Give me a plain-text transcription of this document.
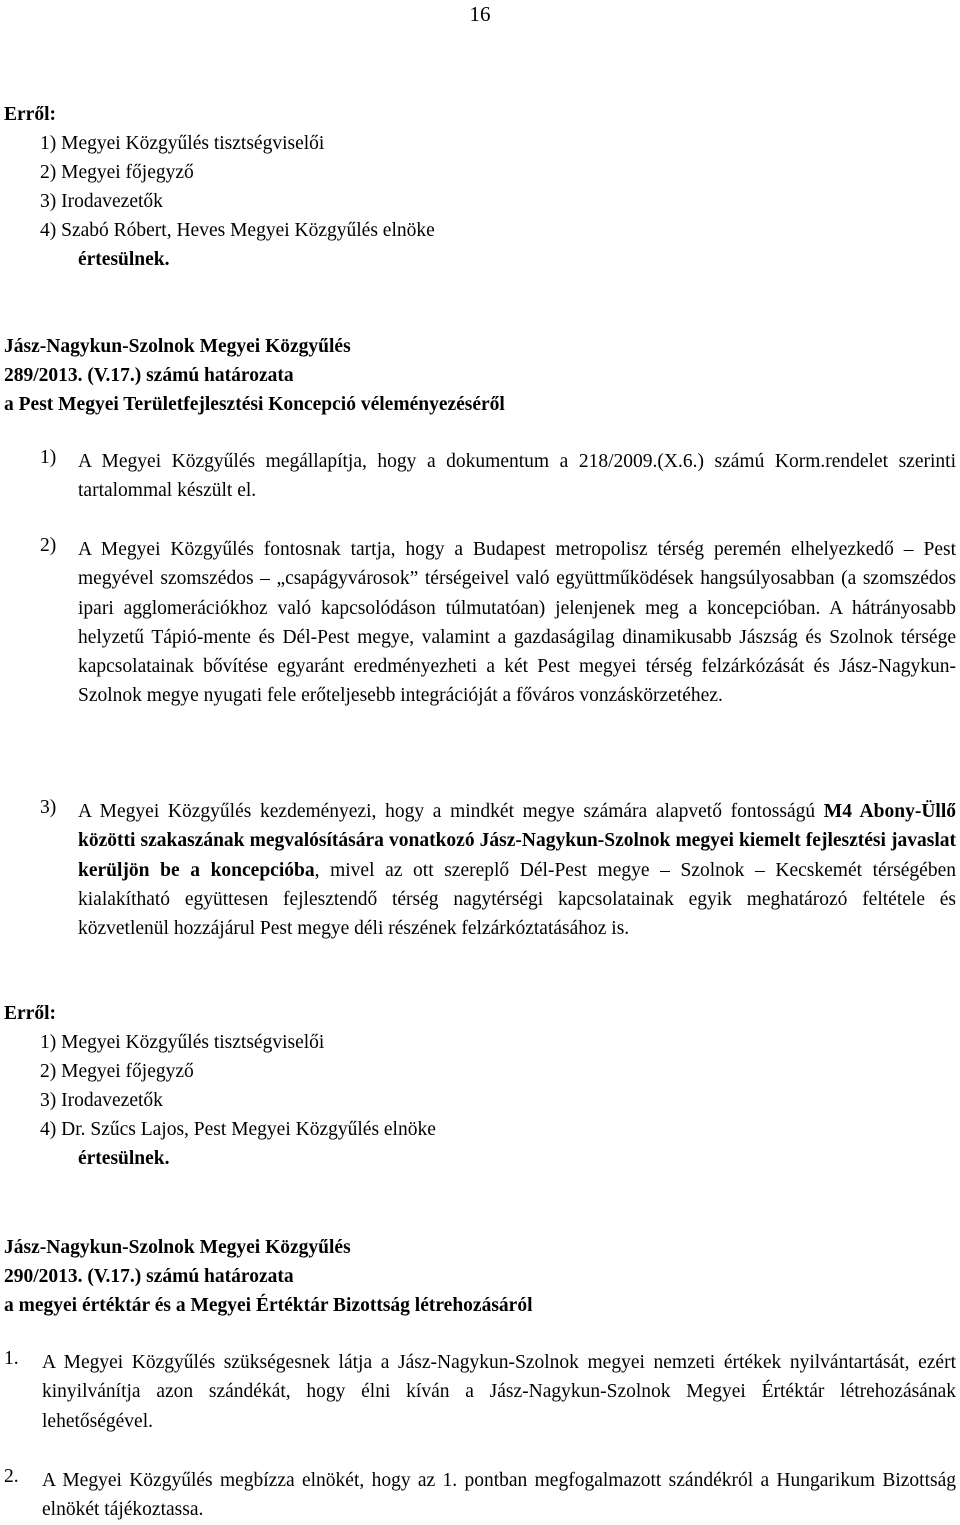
16
Erről:
1) Megyei Közgyűlés tisztségviselői
2) Megyei főjegyző
3) Irodavezetők
4) Szabó Róbert, Heves Megyei Közgyűlés elnöke
értesülnek.
Jász-Nagykun-Szolnok Megyei Közgyűlés
289/2013. (V.17.) számú határozata
a Pest Megyei Területfejlesztési Koncepció véleményezéséről
1) A Megyei Közgyűlés megállapítja, hogy a dokumentum a 218/2009.(X.6.) számú Korm.rendelet szerinti tartalommal készült el.
2) A Megyei Közgyűlés fontosnak tartja, hogy a Budapest metropolisz térség peremén elhelyezkedő – Pest megyével szomszédos – „csapágyvárosok” térségeivel való együttműködések hangsúlyosabban (a szomszédos ipari agglomerációkhoz való kapcsolódáson túlmutatóan) jelenjenek meg a koncepcióban. A hátrányosabb helyzetű Tápió-mente és Dél-Pest megye, valamint a gazdaságilag dinamikusabb Jászság és Szolnok térsége kapcsolatainak bővítése egyaránt eredményezheti a két Pest megyei térség felzárkózását és Jász-Nagykun-Szolnok megye nyugati fele erőteljesebb integrációját a főváros vonzáskörzetéhez.
3) A Megyei Közgyűlés kezdeményezi, hogy a mindkét megye számára alapvető fontosságú M4 Abony-Üllő közötti szakaszának megvalósítására vonatkozó Jász-Nagykun-Szolnok megyei kiemelt fejlesztési javaslat kerüljön be a koncepcióba, mivel az ott szereplő Dél-Pest megye – Szolnok – Kecskemét térségében kialakítható együttesen fejlesztendő térség nagytérségi kapcsolatainak egyik meghatározó feltétele és közvetlenül hozzájárul Pest megye déli részének felzárkóztatásához is.
Erről:
1) Megyei Közgyűlés tisztségviselői
2) Megyei főjegyző
3) Irodavezetők
4) Dr. Szűcs Lajos, Pest Megyei Közgyűlés elnöke
értesülnek.
Jász-Nagykun-Szolnok Megyei Közgyűlés
290/2013. (V.17.) számú határozata
a megyei értéktár és a Megyei Értéktár Bizottság létrehozásáról
1. A Megyei Közgyűlés szükségesnek látja a Jász-Nagykun-Szolnok megyei nemzeti értékek nyilvántartását, ezért kinyilvánítja azon szándékát, hogy élni kíván a Jász-Nagykun-Szolnok Megyei Értéktár létrehozásának lehetőségével.
2. A Megyei Közgyűlés megbízza elnökét, hogy az 1. pontban megfogalmazott szándékról a Hungarikum Bizottság elnökét tájékoztassa.
